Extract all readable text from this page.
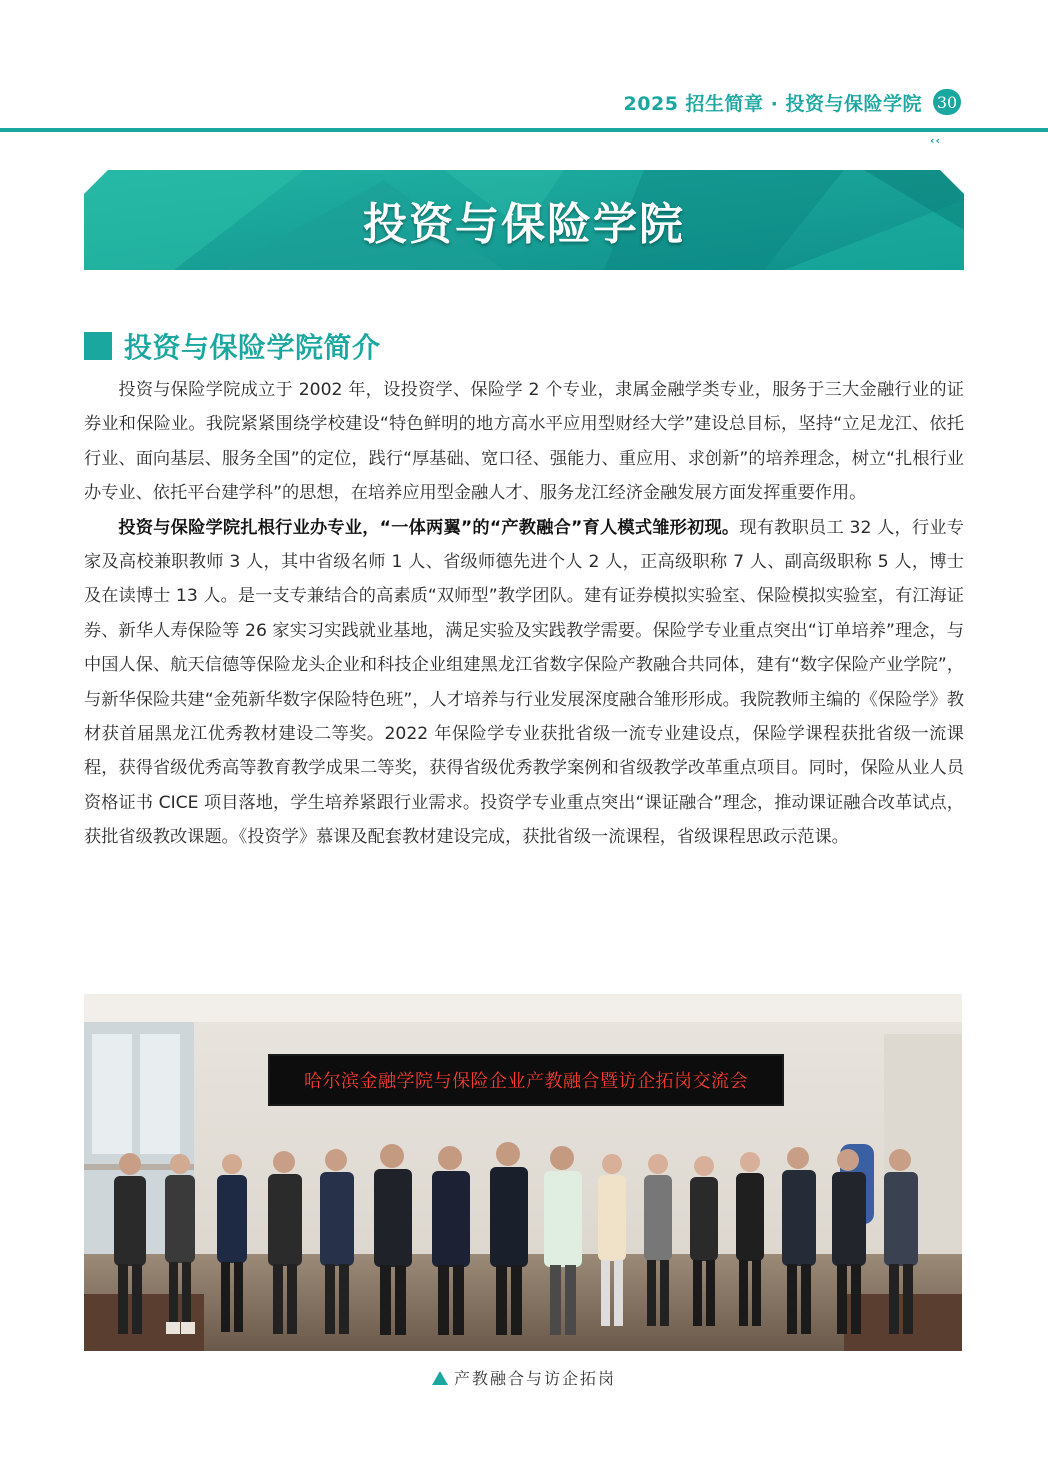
2025 招生简章 · 投资与保险学院 30
‹‹
投资与保险学院
投资与保险学院简介

投资与保险学院成立于 2002 年，设投资学、保险学 2 个专业，隶属金融学类专业，服务于三大金融行业的证券业和保险业。我院紧紧围绕学校建设“特色鲜明的地方高水平应用型财经大学”建设总目标，坚持“立足龙江、依托行业、面向基层、服务全国”的定位，践行“厚基础、宽口径、强能力、重应用、求创新”的培养理念，树立“扎根行业办专业、依托平台建学科”的思想，在培养应用型金融人才、服务龙江经济金融发展方面发挥重要作用。

投资与保险学院扎根行业办专业，“一体两翼”的“产教融合”育人模式雏形初现。现有教职员工 32 人，行业专家及高校兼职教师 3 人，其中省级名师 1 人、省级师德先进个人 2 人，正高级职称 7 人、副高级职称 5 人，博士及在读博士 13 人。是一支专兼结合的高素质“双师型”教学团队。建有证券模拟实验室、保险模拟实验室，有江海证券、新华人寿保险等 26 家实习实践就业基地，满足实验及实践教学需要。保险学专业重点突出“订单培养”理念，与中国人保、航天信德等保险龙头企业和科技企业组建黑龙江省数字保险产教融合共同体，建有“数字保险产业学院”，与新华保险共建“金苑新华数字保险特色班”，人才培养与行业发展深度融合雏形形成。我院教师主编的《保险学》教材获首届黑龙江优秀教材建设二等奖。2022 年保险学专业获批省级一流专业建设点，保险学课程获批省级一流课程，获得省级优秀高等教育教学成果二等奖，获得省级优秀教学案例和省级教学改革重点项目。同时，保险从业人员资格证书 CICE 项目落地，学生培养紧跟行业需求。投资学专业重点突出“课证融合”理念，推动课证融合改革试点，获批省级教改课题。《投资学》慕课及配套教材建设完成，获批省级一流课程，省级课程思政示范课。

哈尔滨金融学院与保险企业产教融合暨访企拓岗交流会
产教融合与访企拓岗
